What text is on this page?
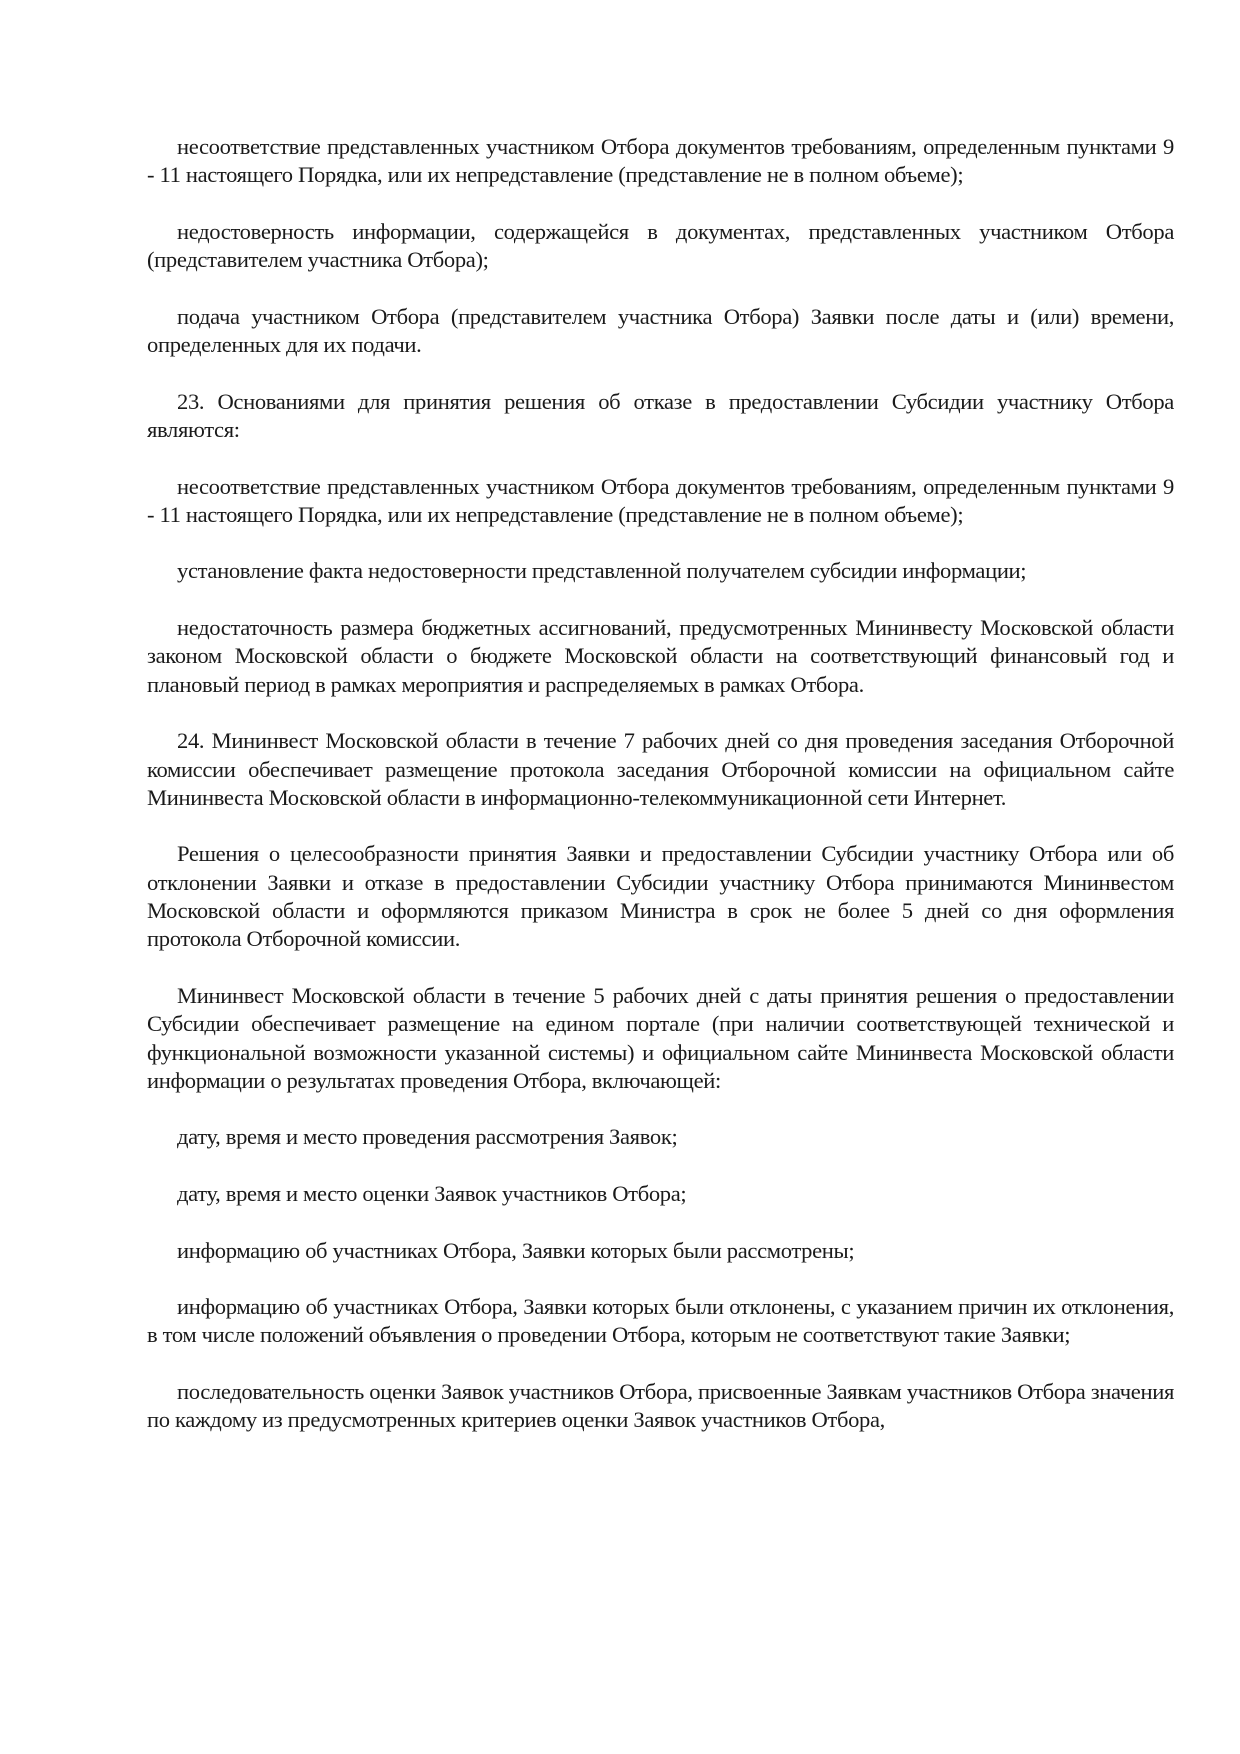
несоответствие представленных участником Отбора документов требованиям, определенным пунктами 9 - 11 настоящего Порядка, или их непредставление (представление не в полном объеме);

недостоверность информации, содержащейся в документах, представленных участником Отбора (представителем участника Отбора);

подача участником Отбора (представителем участника Отбора) Заявки после даты и (или) времени, определенных для их подачи.

23. Основаниями для принятия решения об отказе в предоставлении Субсидии участнику Отбора являются:

несоответствие представленных участником Отбора документов требованиям, определенным пунктами 9 - 11 настоящего Порядка, или их непредставление (представление не в полном объеме);

установление факта недостоверности представленной получателем субсидии информации;

недостаточность размера бюджетных ассигнований, предусмотренных Мининвесту Московской области законом Московской области о бюджете Московской области на соответствующий финансовый год и плановый период в рамках мероприятия и распределяемых в рамках Отбора.

24. Мининвест Московской области в течение 7 рабочих дней со дня проведения заседания Отборочной комиссии обеспечивает размещение протокола заседания Отборочной комиссии на официальном сайте Мининвеста Московской области в информационно-телекоммуникационной сети Интернет.

Решения о целесообразности принятия Заявки и предоставлении Субсидии участнику Отбора или об отклонении Заявки и отказе в предоставлении Субсидии участнику Отбора принимаются Мининвестом Московской области и оформляются приказом Министра в срок не более 5 дней со дня оформления протокола Отборочной комиссии.

Мининвест Московской области в течение 5 рабочих дней с даты принятия решения о предоставлении Субсидии обеспечивает размещение на едином портале (при наличии соответствующей технической и функциональной возможности указанной системы) и официальном сайте Мининвеста Московской области информации о результатах проведения Отбора, включающей:

дату, время и место проведения рассмотрения Заявок;

дату, время и место оценки Заявок участников Отбора;

информацию об участниках Отбора, Заявки которых были рассмотрены;

информацию об участниках Отбора, Заявки которых были отклонены, с указанием причин их отклонения, в том числе положений объявления о проведении Отбора, которым не соответствуют такие Заявки;

последовательность оценки Заявок участников Отбора, присвоенные Заявкам участников Отбора значения по каждому из предусмотренных критериев оценки Заявок участников Отбора,
